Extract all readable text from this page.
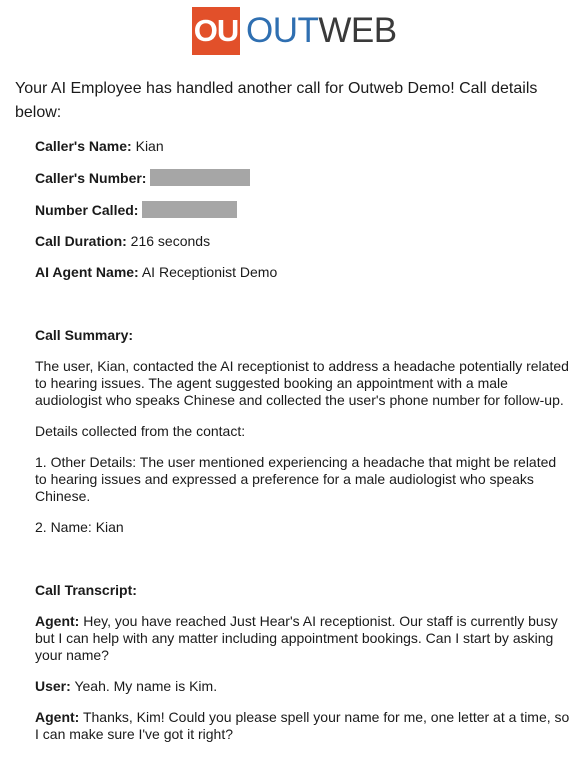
OU OUTWEB

Your AI Employee has handled another call for Outweb Demo! Call details below:

Caller's Name: Kian
Caller's Number:
Number Called:
Call Duration: 216 seconds
AI Agent Name: AI Receptionist Demo

Call Summary:

The user, Kian, contacted the AI receptionist to address a headache potentially related to hearing issues. The agent suggested booking an appointment with a male audiologist who speaks Chinese and collected the user's phone number for follow-up.

Details collected from the contact:

1. Other Details: The user mentioned experiencing a headache that might be related to hearing issues and expressed a preference for a male audiologist who speaks Chinese.

2. Name: Kian

Call Transcript:

Agent: Hey, you have reached Just Hear's AI receptionist. Our staff is currently busy but I can help with any matter including appointment bookings. Can I start by asking your name?

User: Yeah. My name is Kim.

Agent: Thanks, Kim! Could you please spell your name for me, one letter at a time, so I can make sure I've got it right?
